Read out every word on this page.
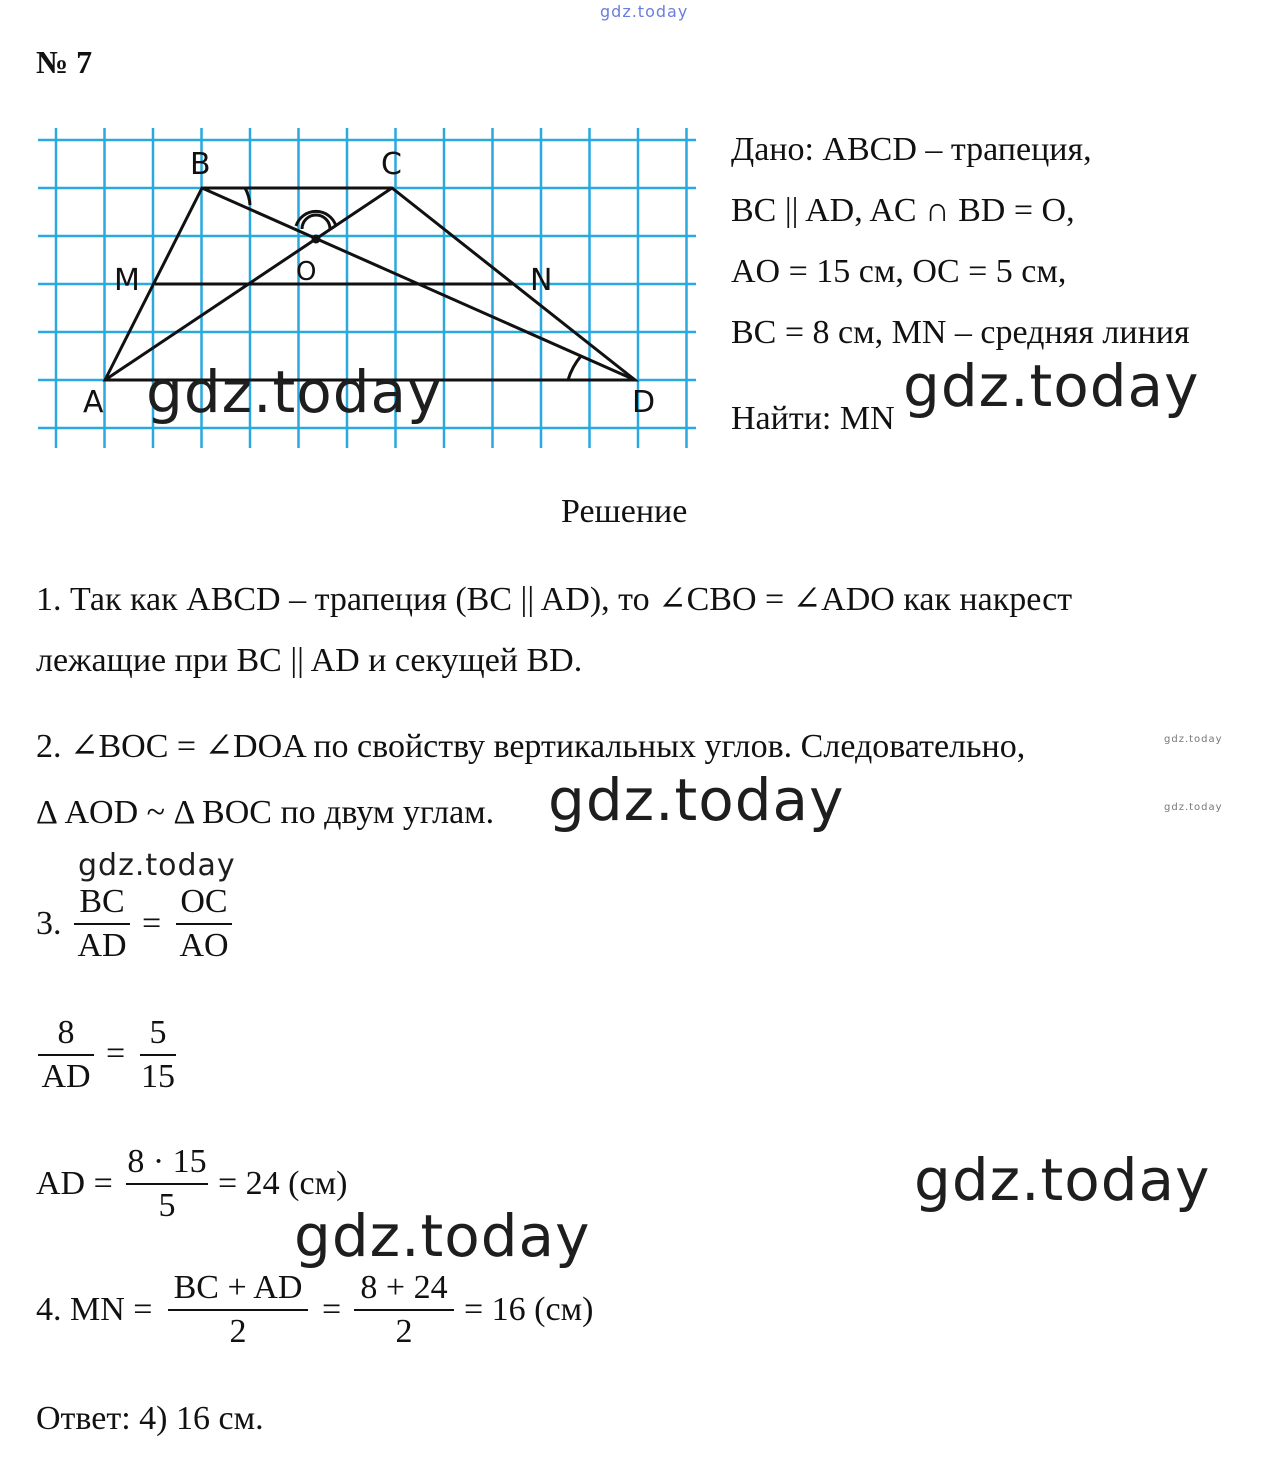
gdz.today
№ 7
B	C
M	O	N
A	D
gdz.today
Дано: ABCD – трапеция,
BC || AD, AC ∩ BD = O,
AO = 15 см, OC = 5 см,
BC = 8 см, MN – средняя линия
Найти: MN gdz.today
Решение
1. Так как ABCD – трапеция (BC || AD), то ∠CBO = ∠ADO как накрест
лежащие при BC || AD и секущей BD.
2. ∠BOC = ∠DOA по свойству вертикальных углов. Следовательно,
Δ AOD ~ Δ BOC по двум углам. gdz.today
gdz.today
gdz.today
gdz.today
3.
BC
AD
=
OC
AO
8
AD
=
5
15
AD =
8 · 15
5
= 24 (см)	gdz.today
gdz.today
4. MN =
BC + AD
2
=
8 + 24
2
= 16 (см)
Ответ: 4) 16 см.
